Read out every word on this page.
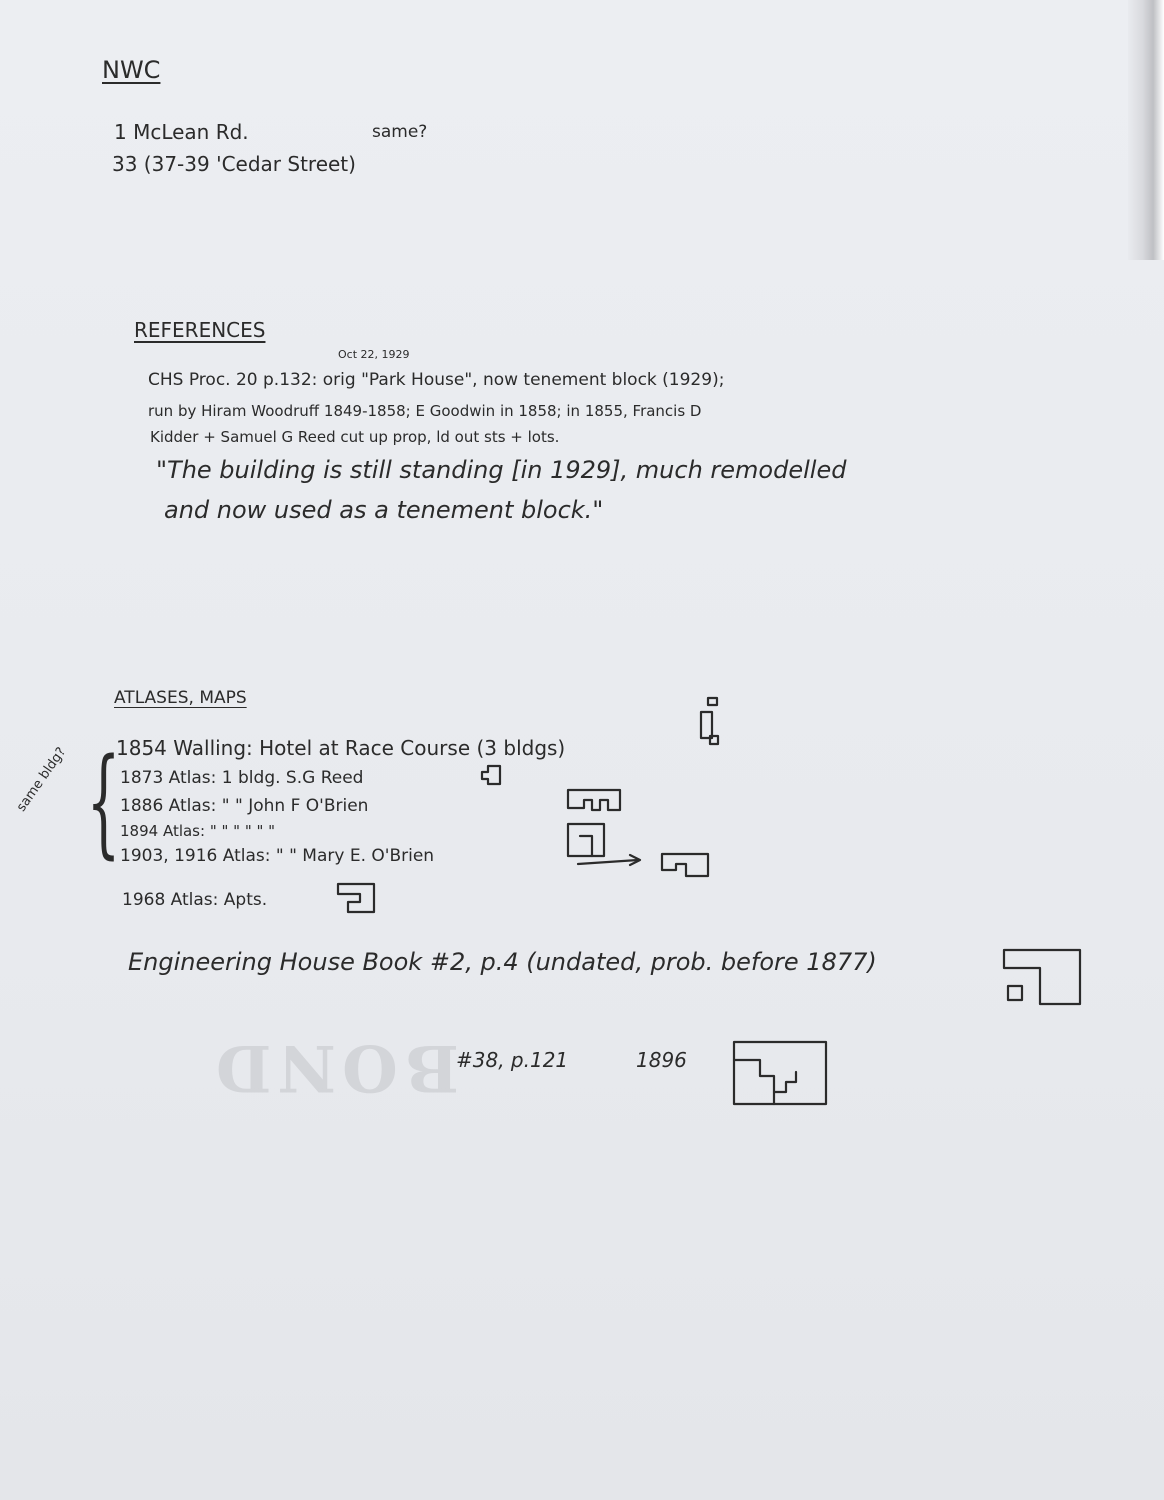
BOND
NWC
1 McLean Rd.	same?
33 (37-39 'Cedar Street)
REFERENCES
Oct 22, 1929
CHS Proc. 20 p.132: orig "Park House", now tenement block (1929);
run by Hiram Woodruff 1849-1858; E Goodwin in 1858; in 1855, Francis D
Kidder + Samuel G Reed cut up prop, ld out sts + lots.
"The building is still standing [in 1929], much remodelled
and now used as a tenement block."
ATLASES, MAPS
{
same bldg? 1854 Walling: Hotel at Race Course (3 bldgs)
1873 Atlas: 1 bldg. S.G Reed
1886 Atlas: " " John F O'Brien
1894 Atlas: " " " " " "
1903, 1916 Atlas: " " Mary E. O'Brien
1968 Atlas: Apts.
Engineering House Book #2, p.4 (undated, prob. before 1877)
#38, p.121	1896
